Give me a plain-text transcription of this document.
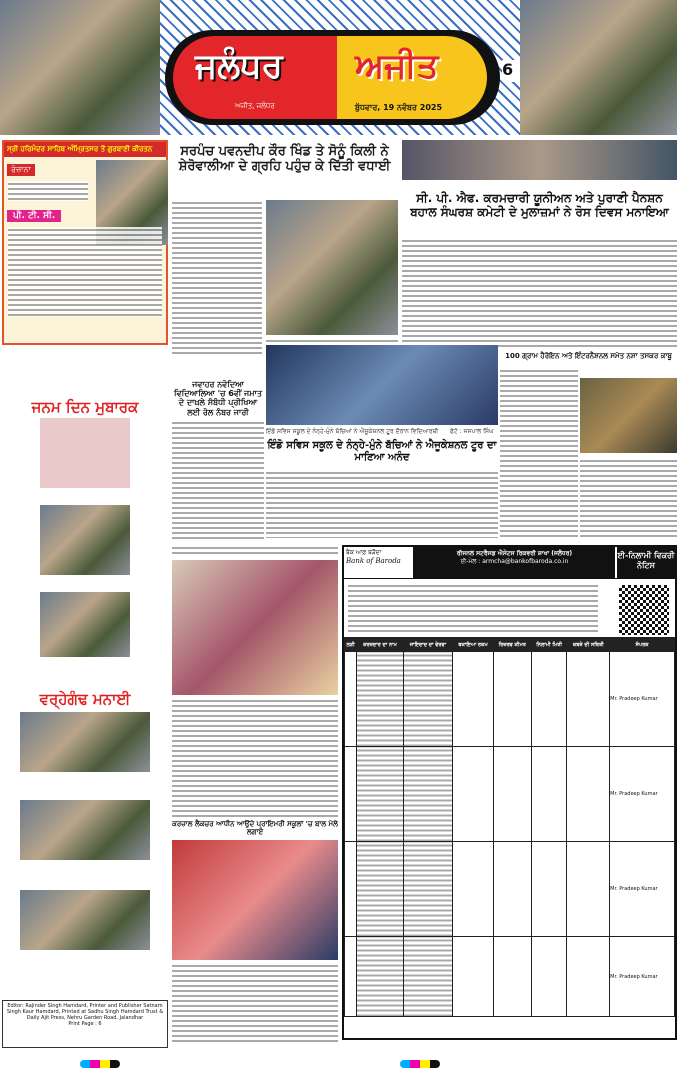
ਜਲੰਧਰ ਅਜੀਤ
ਅਜੀਤ, ਜਲੰਧਰ	ਬੁੱਧਵਾਰ, 19 ਨਵੰਬਰ 2025
6
ਸ੍ਰੀ ਹਰਿਮੰਦਰ ਸਾਹਿਬ ਅੰਮ੍ਰਿਤਸਰ ਤੋਂ ਗੁਰਬਾਣੀ ਕੀਰਤਨ
ਰੋਜ਼ਾਨਾ
ਪੀ. ਟੀ. ਸੀ.
ਸਰਪੰਚ ਪਵਨਦੀਪ ਕੌਰ ਖਿੰਡ ਤੇ ਸੋਨੂੰ ਕਿਲੀ ਨੇ ਸ਼ੇਰੋਵਾਲੀਆ ਦੇ ਗ੍ਰਹਿ ਪਹੁੰਚ ਕੇ ਦਿੱਤੀ ਵਧਾਈ
ਸੀ. ਪੀ. ਐਫ. ਕਰਮਚਾਰੀ ਯੂਨੀਅਨ ਅਤੇ ਪੁਰਾਣੀ ਪੈਨਸ਼ਨ ਬਹਾਲ ਸੰਘਰਸ਼ ਕਮੇਟੀ ਦੇ ਮੁਲਾਜ਼ਮਾਂ ਨੇ ਰੋਸ ਦਿਵਸ ਮਨਾਇਆ
100 ਗ੍ਰਾਮ ਹੈਰੋਇਨ ਅਤੇ ਇੰਟਰਨੈਸ਼ਨਲ ਸਮੇਤ ਨਸ਼ਾ ਤਸਕਰ ਕਾਬੂ
ਜਵਾਹਰ ਨਵੋਦਿਆ ਵਿਦਿਆਲਿਆ 'ਚ 6ਵੀਂ ਜਮਾਤ ਦੇ ਦਾਖ਼ਲੇ ਸੰਬੰਧੀ ਪ੍ਰੀਖਿਆ ਲਈ ਰੋਲ ਨੰਬਰ ਜਾਰੀ
ਇੰਡੋ ਸਵਿਸ ਸਕੂਲ ਦੇ ਨੰਨ੍ਹੇ-ਮੁੰਨੇ ਬੱਚਿਆਂ ਨੇ ਐਜੂਕੇਸ਼ਨਲ ਟੂਰ ਦੌਰਾਨ ਵਿਦਿਆਰਥੀ	ਫੋਟੋ : ਜਸਪਾਲ ਸਿੰਘ
ਇੰਡੋ ਸਵਿਸ ਸਕੂਲ ਦੇ ਨੰਨ੍ਹੇ-ਮੁੰਨੇ ਬੱਚਿਆਂ ਨੇ ਐਜੂਕੇਸ਼ਨਲ ਟੂਰ ਦਾ ਮਾਣਿਆ ਅਨੰਦ
ਕਰਜ਼ਾਲ ਲੈਕਚਰ ਆਧੀਨ ਆਉਂਦੇ ਪ੍ਰਾਇਮਰੀ ਸਕੂਲਾਂ 'ਚ ਬਾਲ ਮੇਲੇ ਲਗਾਏ
ਜਨਮ ਦਿਨ ਮੁਬਾਰਕ
ਵਰ੍ਹੇਗੰਢ ਮਨਾਈ
Editor: Rajinder Singh Hamdard, Printer and Publisher Satnam Singh Kaur Hamdard, Printed at Sadhu Singh Hamdard Trust & Daily Ajit Press, Nehru Garden Road, Jalandhar
Print Page : 6
ਬੈਂਕ ਆਫ਼ ਬੜੌਦਾ
Bank of Baroda
ਰੀਜਨਲ ਸਟਰੈਸਡ ਐਸੇਟਸ ਰਿਕਵਰੀ ਸ਼ਾਖਾ (ਜਲੰਧਰ)
ਈ-ਮੇਲ : armcha@bankofbaroda.co.in
ਈ-ਨਿਲਾਮੀ ਵਿਕਰੀ ਨੋਟਿਸ
ਲੜੀ	ਕਰਜ਼ਦਾਰ ਦਾ ਨਾਮ	ਜਾਇਦਾਦ ਦਾ ਵੇਰਵਾ	ਬਕਾਇਆ ਰਕਮ	ਰਿਜ਼ਰਵ ਕੀਮਤ	ਨਿਲਾਮੀ ਮਿਤੀ	ਕਬਜ਼ੇ ਦੀ ਸਥਿਤੀ	ਸੰਪਰਕ
							Mr. Pradeep Kumar
							Mr. Pradeep Kumar
							Mr. Pradeep Kumar
							Mr. Pradeep Kumar
